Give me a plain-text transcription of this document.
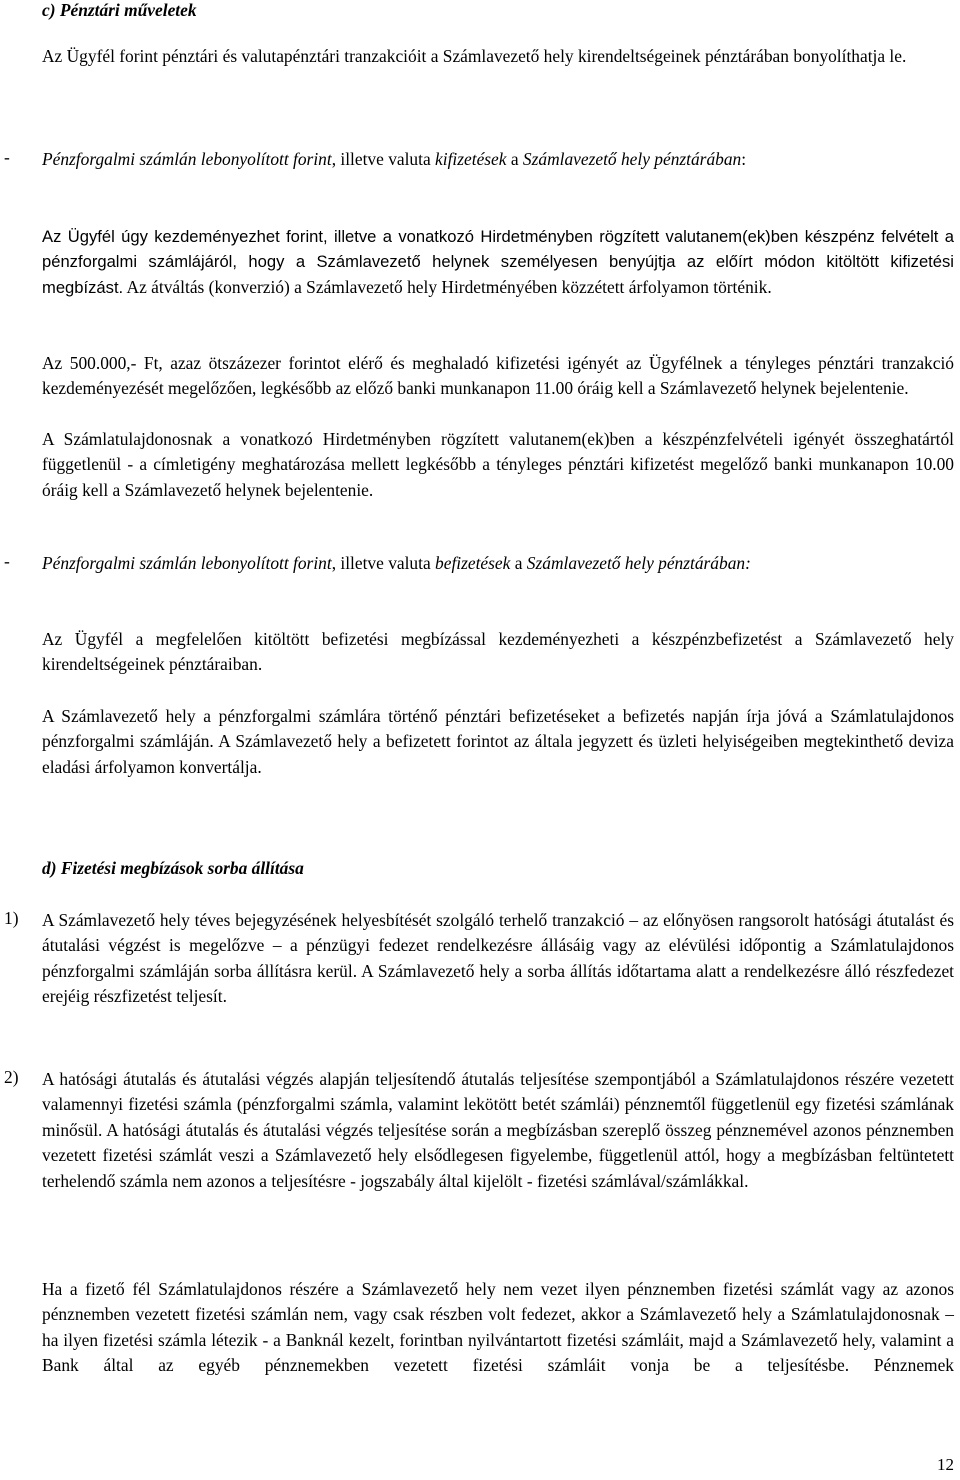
c) Pénztári műveletek

Az Ügyfél forint pénztári és valutapénztári tranzakcióit a Számlavezető hely kirendeltségeinek pénztárában bonyolíthatja le.

- Pénzforgalmi számlán lebonyolított forint, illetve valuta kifizetések a Számlavezető hely pénztárában:

Az Ügyfél úgy kezdeményezhet forint, illetve a vonatkozó Hirdetményben rögzített valutanem(ek)ben készpénz felvételt a pénzforgalmi számlájáról, hogy a Számlavezető helynek személyesen benyújtja az előírt módon kitöltött kifizetési megbízást. Az átváltás (konverzió) a Számlavezető hely Hirdetményében közzétett árfolyamon történik.

Az 500.000,- Ft, azaz ötszázezer forintot elérő és meghaladó kifizetési igényét az Ügyfélnek a tényleges pénztári tranzakció kezdeményezését megelőzően, legkésőbb az előző banki munkanapon 11.00 óráig kell a Számlavezető helynek bejelentenie.

A Számlatulajdonosnak a vonatkozó Hirdetményben rögzített valutanem(ek)ben a készpénzfelvételi igényét összeghatártól függetlenül - a címletigény meghatározása mellett legkésőbb a tényleges pénztári kifizetést megelőző banki munkanapon 10.00 óráig kell a Számlavezető helynek bejelentenie.

- Pénzforgalmi számlán lebonyolított forint, illetve valuta befizetések a Számlavezető hely pénztárában:

Az Ügyfél a megfelelően kitöltött befizetési megbízással kezdeményezheti a készpénzbefizetést a Számlavezető hely kirendeltségeinek pénztáraiban.

A Számlavezető hely a pénzforgalmi számlára történő pénztári befizetéseket a befizetés napján írja jóvá a Számlatulajdonos pénzforgalmi számláján. A Számlavezető hely a befizetett forintot az általa jegyzett és üzleti helyiségeiben megtekinthető deviza eladási árfolyamon konvertálja.

d) Fizetési megbízások sorba állítása

1) A Számlavezető hely téves bejegyzésének helyesbítését szolgáló terhelő tranzakció – az előnyösen rangsorolt hatósági átutalást és átutalási végzést is megelőzve – a pénzügyi fedezet rendelkezésre állásáig vagy az elévülési időpontig a Számlatulajdonos pénzforgalmi számláján sorba állításra kerül. A Számlavezető hely a sorba állítás időtartama alatt a rendelkezésre álló részfedezet erejéig részfizetést teljesít.

2) A hatósági átutalás és átutalási végzés alapján teljesítendő átutalás teljesítése szempontjából a Számlatulajdonos részére vezetett valamennyi fizetési számla (pénzforgalmi számla, valamint lekötött betét számlái) pénznemtől függetlenül egy fizetési számlának minősül. A hatósági átutalás és átutalási végzés teljesítése során a megbízásban szereplő összeg pénznemével azonos pénznemben vezetett fizetési számlát veszi a Számlavezető hely elsődlegesen figyelembe, függetlenül attól, hogy a megbízásban feltüntetett terhelendő számla nem azonos a teljesítésre - jogszabály által kijelölt - fizetési számlával/számlákkal.

Ha a fizető fél Számlatulajdonos részére a Számlavezető hely nem vezet ilyen pénznemben fizetési számlát vagy az azonos pénznemben vezetett fizetési számlán nem, vagy csak részben volt fedezet, akkor a Számlavezető hely a Számlatulajdonosnak – ha ilyen fizetési számla létezik - a Banknál kezelt, forintban nyilvántartott fizetési számláit, majd a Számlavezető hely, valamint a Bank által az egyéb pénznemekben vezetett fizetési számláit vonja be a teljesítésbe. Pénznemek

12
